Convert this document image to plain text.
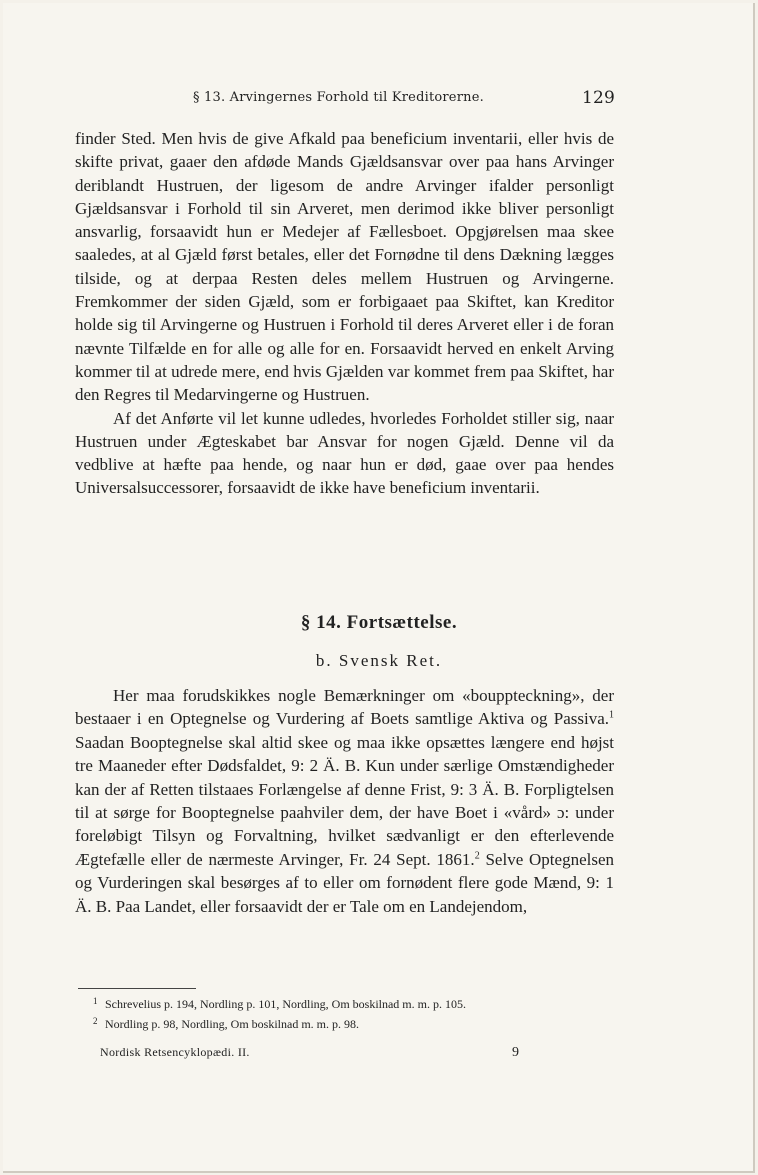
§ 13. Arvingernes Forhold til Kreditorerne.	129

finder Sted. Men hvis de give Afkald paa beneficium inventarii, eller hvis de skifte privat, gaaer den afdøde Mands Gjældsansvar over paa hans Arvinger deriblandt Hustruen, der ligesom de andre Arvinger ifalder personligt Gjældsansvar i Forhold til sin Arveret, men derimod ikke bliver personligt ansvarlig, forsaavidt hun er Medejer af Fællesboet. Opgjørelsen maa skee saaledes, at al Gjæld først betales, eller det Fornødne til dens Dækning lægges tilside, og at derpaa Resten deles mellem Hustruen og Arvingerne. Fremkommer der siden Gjæld, som er forbigaaet paa Skiftet, kan Kreditor holde sig til Arvingerne og Hustruen i Forhold til deres Arveret eller i de foran nævnte Tilfælde en for alle og alle for en. Forsaavidt herved en enkelt Arving kommer til at udrede mere, end hvis Gjælden var kommet frem paa Skiftet, har den Regres til Medarvingerne og Hustruen.

Af det Anførte vil let kunne udledes, hvorledes Forholdet stiller sig, naar Hustruen under Ægteskabet bar Ansvar for nogen Gjæld. Denne vil da vedblive at hæfte paa hende, og naar hun er død, gaae over paa hendes Universalsuccessorer, forsaavidt de ikke have beneficium inventarii.

§ 14. Fortsættelse.
b. Svensk Ret.

Her maa forudskikkes nogle Bemærkninger om «bouppteckning», der bestaaer i en Optegnelse og Vurdering af Boets samtlige Aktiva og Passiva.$^1$ Saadan Booptegnelse skal altid skee og maa ikke opsættes længere end højst tre Maaneder efter Dødsfaldet, 9: 2 Ä. B. Kun under særlige Omstændigheder kan der af Retten tilstaaes Forlængelse af denne Frist, 9: 3 Ä. B. Forpligtelsen til at sørge for Booptegnelse paahviler dem, der have Boet i «vård» ɔ: under foreløbigt Tilsyn og Forvaltning, hvilket sædvanligt er den efterlevende Ægtefælle eller de nærmeste Arvinger, Fr. 24 Sept. 1861.$^2$ Selve Optegnelsen og Vurderingen skal besørges af to eller om fornødent flere gode Mænd, 9: 1 Ä. B. Paa Landet, eller forsaavidt der er Tale om en Landejendom,

1 Schrevelius p. 194, Nordling p. 101, Nordling, Om boskilnad m. m. p. 105.
2 Nordling p. 98, Nordling, Om boskilnad m. m. p. 98.
Nordisk Retsencyklopædi. II.	9
